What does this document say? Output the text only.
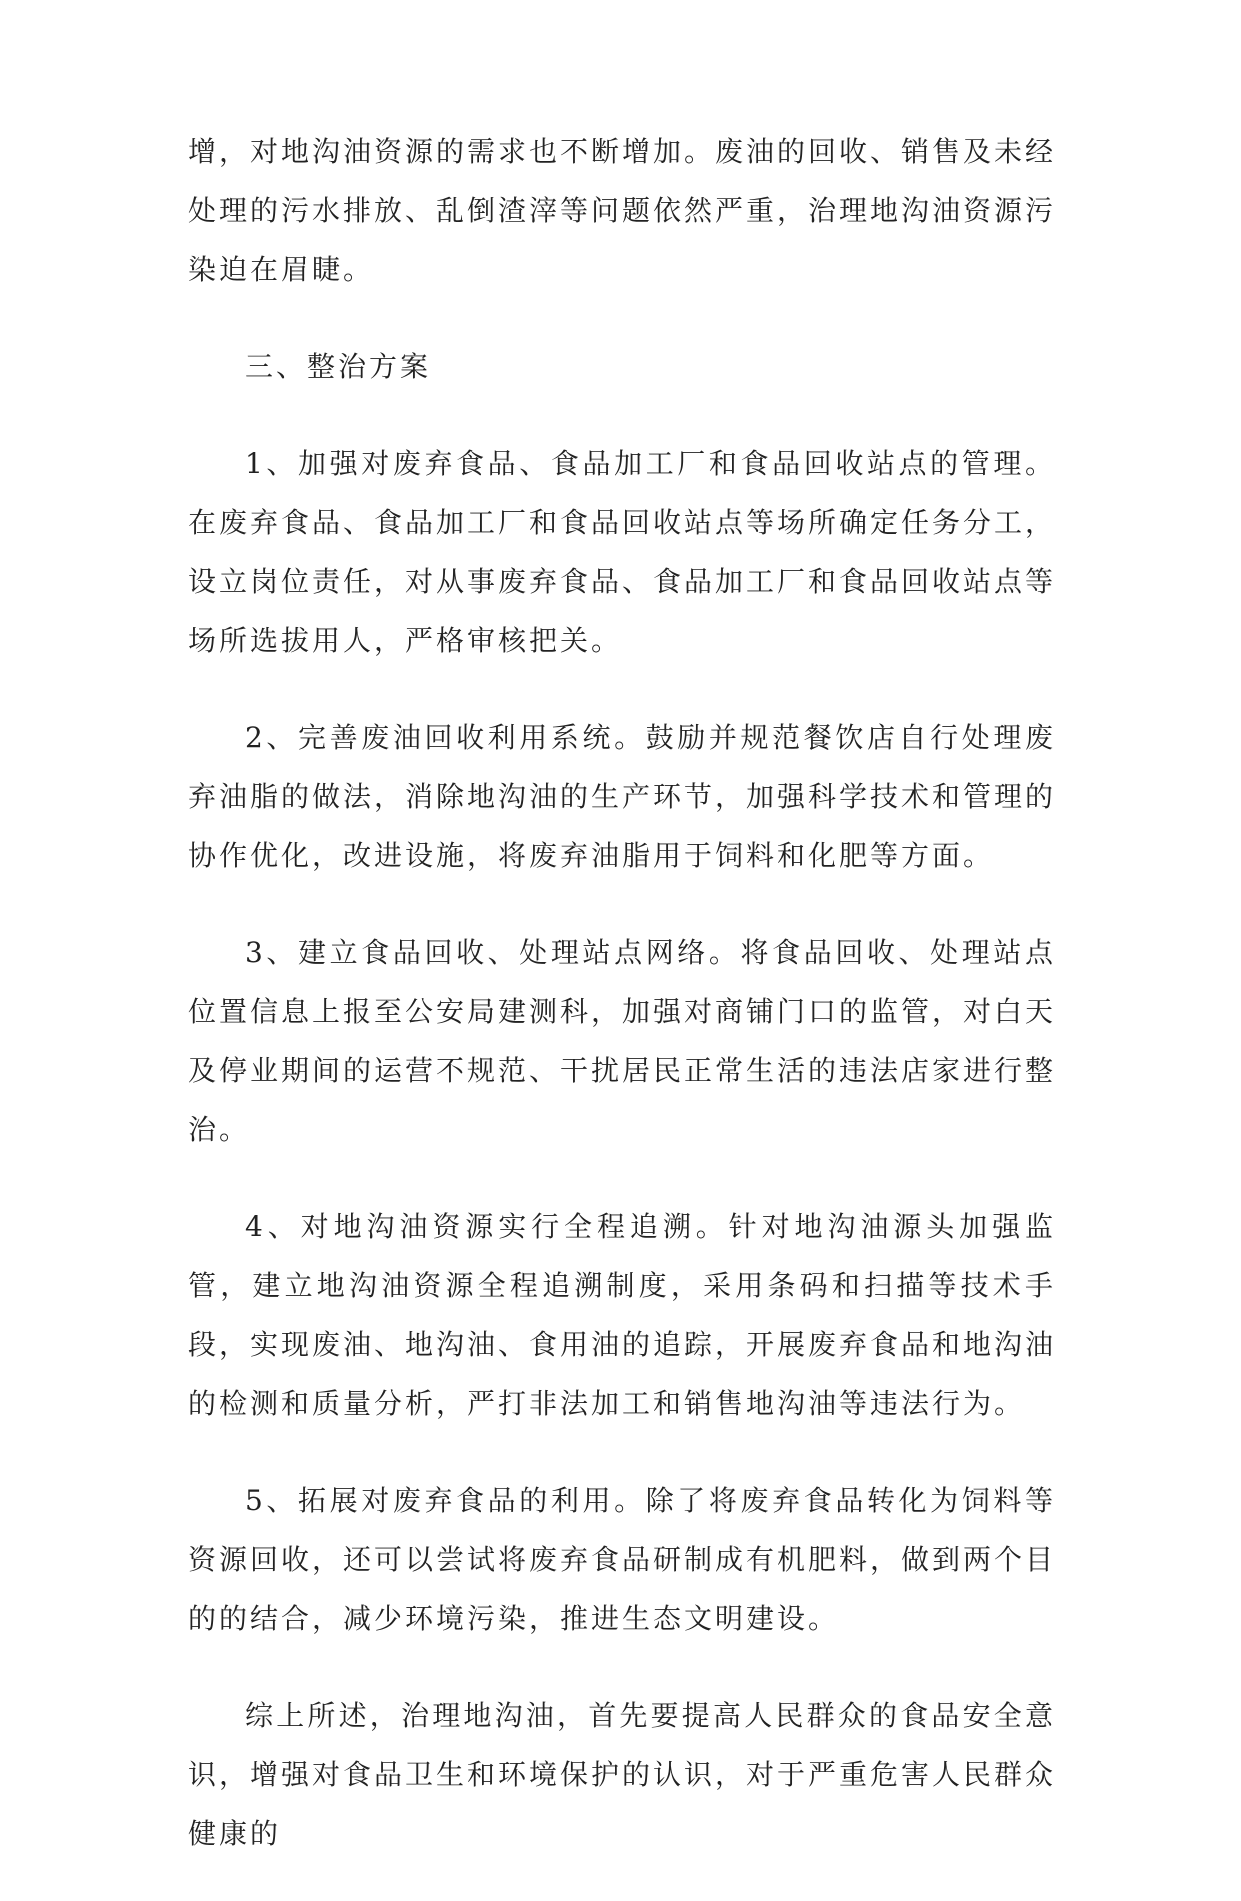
增，对地沟油资源的需求也不断增加。废油的回收、销售及未经处理的污水排放、乱倒渣滓等问题依然严重，治理地沟油资源污染迫在眉睫。

三、整治方案

1、加强对废弃食品、食品加工厂和食品回收站点的管理。在废弃食品、食品加工厂和食品回收站点等场所确定任务分工，设立岗位责任，对从事废弃食品、食品加工厂和食品回收站点等场所选拔用人，严格审核把关。

2、完善废油回收利用系统。鼓励并规范餐饮店自行处理废弃油脂的做法，消除地沟油的生产环节，加强科学技术和管理的协作优化，改进设施，将废弃油脂用于饲料和化肥等方面。

3、建立食品回收、处理站点网络。将食品回收、处理站点位置信息上报至公安局建测科，加强对商铺门口的监管，对白天及停业期间的运营不规范、干扰居民正常生活的违法店家进行整治。

4、对地沟油资源实行全程追溯。针对地沟油源头加强监管，建立地沟油资源全程追溯制度，采用条码和扫描等技术手段，实现废油、地沟油、食用油的追踪，开展废弃食品和地沟油的检测和质量分析，严打非法加工和销售地沟油等违法行为。

5、拓展对废弃食品的利用。除了将废弃食品转化为饲料等资源回收，还可以尝试将废弃食品研制成有机肥料，做到两个目的的结合，减少环境污染，推进生态文明建设。

综上所述，治理地沟油，首先要提高人民群众的食品安全意识，增强对食品卫生和环境保护的认识，对于严重危害人民群众健康的
